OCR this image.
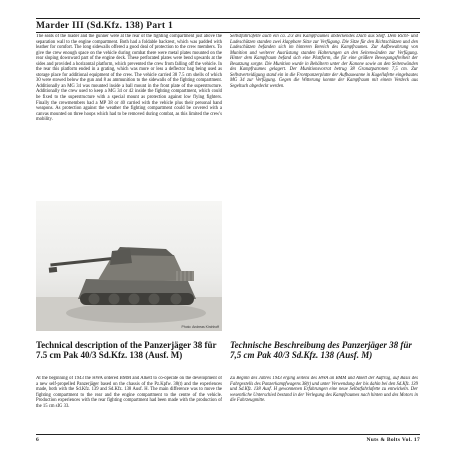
Marder III (Sd.Kfz. 138) Part 1

The seats of the loader and the gunner were at the rear of the fighting compartment just above the separation wall to the engine compartment. Both had a foldable backrest, which was padded with leather for comfort. The long sidewalls offered a good deal of protection to the crew members. To give the crew enough space on the vehicle during combat there were metal plates mounted on the rear sloping downward part of the engine deck. These perforated plates were bend upwards at the sides and provided a horizontal platform, which prevented the crew from falling off the vehicle. In the rear this platform ended in a grating, which was more or less a deflector bag being used as storage place for additional equipment of the crew. The vehicle carried 38 7.5 cm shells of which 30 were stowed below the gun and 8 as ammunition to the sidewalls of the fighting compartment. Additionally an MG 34 was mounted inside a ball mount in the front plate of the superstructure. Additionally the crew used to keep a MG 34 or 42 inside the fighting compartment, which could be fixed to the superstructure with a special mount as protection against low flying fighters. Finally the crewmembers had a MP 38 or 40 carried with the vehicle plus their personal hand weapons. As protection against the weather the fighting compartment could be covered with a canvas mounted on three hoops which had to be removed during combat, as this limited the crew's mobility.

Selbstfahrlafette auch ein ca. 2/3 des Kampfraumes abdeckendes Dach aus Stoff. Dem Richt- und Ladeschützen standen zwei klappbare Sitze zur Verfügung. Die Sitze für den Richtschützen und den Ladeschützen befanden sich im hinteren Bereich des Kampfraumes. Zur Aufbewahrung von Munition und weiterer Ausrüstung standen Halterungen an den Seitenwänden zur Verfügung. Hinter dem Kampfraum befand sich eine Plattform, die für eine größere Bewegungsfreiheit der Besatzung sorgte. Die Munition wurde in Behältern unter der Kanone sowie an den Seitenwänden des Kampfraumes gelagert. Der Munitionsvorrat betrug 38 Granatpatronen 7,5 cm. Zur Selbstverteidigung stand ein in die Frontpanzerplatte der Aufbauwanne in Kugellafette eingebautes MG 34 zur Verfügung. Gegen die Witterung konnte der Kampfraum mit einem Verdeck aus Segeltuch abgedeckt werden.

Photo: Andreas Kirchhoff
Technical description of the Panzerjäger 38 für 7.5 cm Pak 40/3 Sd.Kfz. 138 (Ausf. M)

At the beginning of 1943 the HWA ordered BMM and Alkett to co-operate on the development of a new self-propelled Panzerjäger based on the chassis of the Pz.Kpfw. 38(t) and the experiences made, both with the Sd.Kfz. 139 and Sd.Kfz. 138 Ausf. H. The main difference was to move the fighting compartment to the rear and the engine compartment to the centre of the vehicle. Production experiences with the rear fighting compartment had been made with the production of the 15 cm sIG 33.

Technische Beschreibung des Panzerjäger 38 für 7,5 cm Pak 40/3 Sd.Kfz. 138 (Ausf. M)

Zu Beginn des Jahres 1943 erging seitens des HWA an BMM und Alkett der Auftrag, auf Basis des Fahrgestells des Panzerkampfwagens 38(t) und unter Verwendung der bis dahin bei den Sd.Kfz. 139 und Sd.Kfz. 138 Ausf. H gewonnenen Erfahrungen eine neue Selbstfahrlafette zu entwickeln. Der wesentliche Unterschied bestand in der Verlegung des Kampfraumes nach hinten und des Motors in die Fahrzeugmitte.

6	Nuts & Bolts Vol. 17
